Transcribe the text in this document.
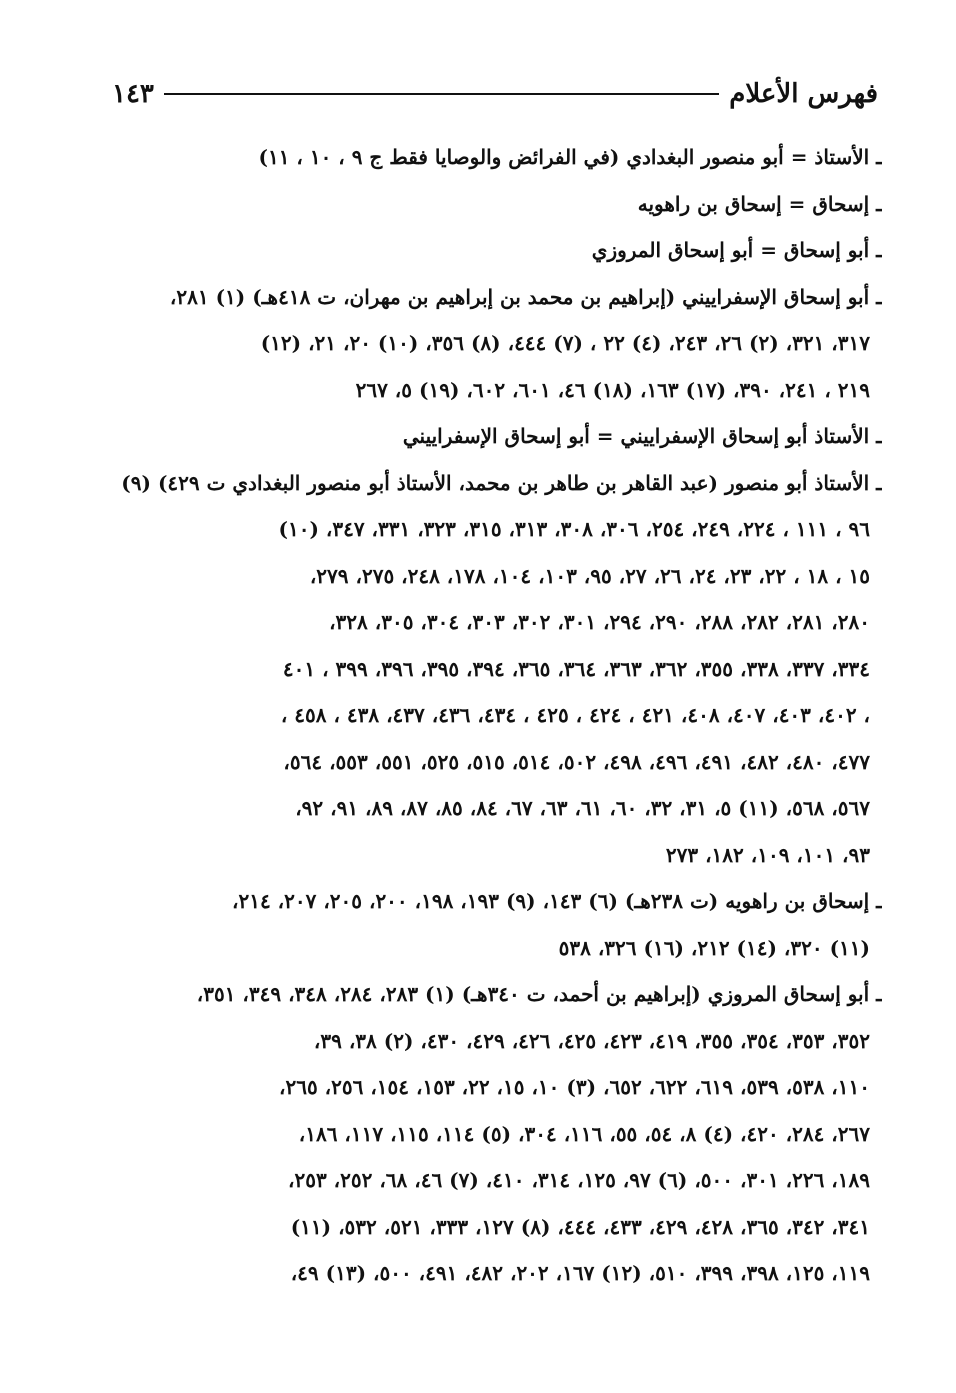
فهرس الأعلام
١٤٣
ـ الأستاذ = أبو منصور البغدادي (في الفرائض والوصايا فقط ج ٩ ، ١٠ ، ١١)
ـ إسحاق = إسحاق بن راهويه
ـ أبو إسحاق = أبو إسحاق المروزي
ـ أبو إسحاق الإسفراييني (إبراهيم بن محمد بن إبراهيم بن مهران، ت ٤١٨هـ) (١) ٢٨١،
٣١٧، ٣٢١، (٢) ٢٦، ٢٤٣، (٤) ٢٢ ، (٧) ٤٤٤، (٨) ٣٥٦، (١٠) ٢٠، ٢١، (١٢)
٢١٩ ، ٢٤١، ٣٩٠، (١٧) ١٦٣، (١٨) ٤٦، ٦٠١، ٦٠٢، (١٩) ٥، ٢٦٧
ـ الأستاذ أبو إسحاق الإسفراييني = أبو إسحاق الإسفراييني
ـ الأستاذ أبو منصور (عبد القاهر بن طاهر بن محمد، الأستاذ أبو منصور البغدادي ت ٤٢٩) (٩)
٩٦ ، ١١١ ، ٢٢٤، ٢٤٩، ٢٥٤، ٣٠٦، ٣٠٨، ٣١٣، ٣١٥، ٣٢٣، ٣٣١، ٣٤٧، (١٠)
١٥ ، ١٨ ، ٢٢، ٢٣، ٢٤، ٢٦، ٢٧، ٩٥، ١٠٣، ١٠٤، ١٧٨، ٢٤٨، ٢٧٥، ٢٧٩،
٢٨٠، ٢٨١، ٢٨٢، ٢٨٨، ٢٩٠، ٢٩٤، ٣٠١، ٣٠٢، ٣٠٣، ٣٠٤، ٣٠٥، ٣٢٨،
٣٣٤، ٣٣٧، ٣٣٨، ٣٥٥، ٣٦٢، ٣٦٣، ٣٦٤، ٣٦٥، ٣٩٤، ٣٩٥، ٣٩٦، ٣٩٩ ، ٤٠١
، ٤٠٢، ٤٠٣، ٤٠٧، ٤٠٨، ٤٢١ ، ٤٢٤ ، ٤٢٥ ، ٤٣٤، ٤٣٦، ٤٣٧، ٤٣٨ ، ٤٥٨ ،
٤٧٧، ٤٨٠، ٤٨٢، ٤٩١، ٤٩٦، ٤٩٨، ٥٠٢، ٥١٤، ٥١٥، ٥٢٥، ٥٥١، ٥٥٣، ٥٦٤،
٥٦٧، ٥٦٨، (١١) ٥، ٣١، ٣٢، ٦٠، ٦١، ٦٣، ٦٧، ٨٤، ٨٥، ٨٧، ٨٩، ٩١، ٩٢،
٩٣، ١٠١، ١٠٩، ١٨٢، ٢٧٣
ـ إسحاق بن راهويه (ت ٢٣٨هـ) (٦) ١٤٣، (٩) ١٩٣، ١٩٨، ٢٠٠، ٢٠٥، ٢٠٧، ٢١٤،
(١١) ٣٢٠، (١٤) ٢١٢، (١٦) ٣٢٦، ٥٣٨
ـ أبو إسحاق المروزي (إبراهيم بن أحمد، ت ٣٤٠هـ) (١) ٢٨٣، ٢٨٤، ٣٤٨، ٣٤٩، ٣٥١،
٣٥٢، ٣٥٣، ٣٥٤، ٣٥٥، ٤١٩، ٤٢٣، ٤٢٥، ٤٢٦، ٤٢٩، ٤٣٠، (٢) ٣٨، ٣٩،
١١٠، ٥٣٨، ٥٣٩، ٦١٩، ٦٢٢، ٦٥٢، (٣) ١٠، ١٥، ٢٢، ١٥٣، ١٥٤، ٢٥٦، ٢٦٥،
٢٦٧، ٢٨٤، ٤٢٠، (٤) ٨، ٥٤، ٥٥، ١١٦، ٣٠٤، (٥) ١١٤، ١١٥، ١١٧، ١٨٦،
١٨٩، ٢٢٦، ٣٠١، ٥٠٠، (٦) ٩٧، ١٢٥، ٣١٤، ٤١٠، (٧) ٤٦، ٦٨، ٢٥٢، ٢٥٣،
٣٤١، ٣٤٢، ٣٦٥، ٤٢٨، ٤٢٩، ٤٣٣، ٤٤٤، (٨) ١٢٧، ٣٣٣، ٥٢١، ٥٣٢، (١١)
١١٩، ١٢٥، ٣٩٨، ٣٩٩، ٥١٠، (١٢) ١٦٧، ٢٠٢، ٤٨٢، ٤٩١، ٥٠٠، (١٣) ٤٩،
